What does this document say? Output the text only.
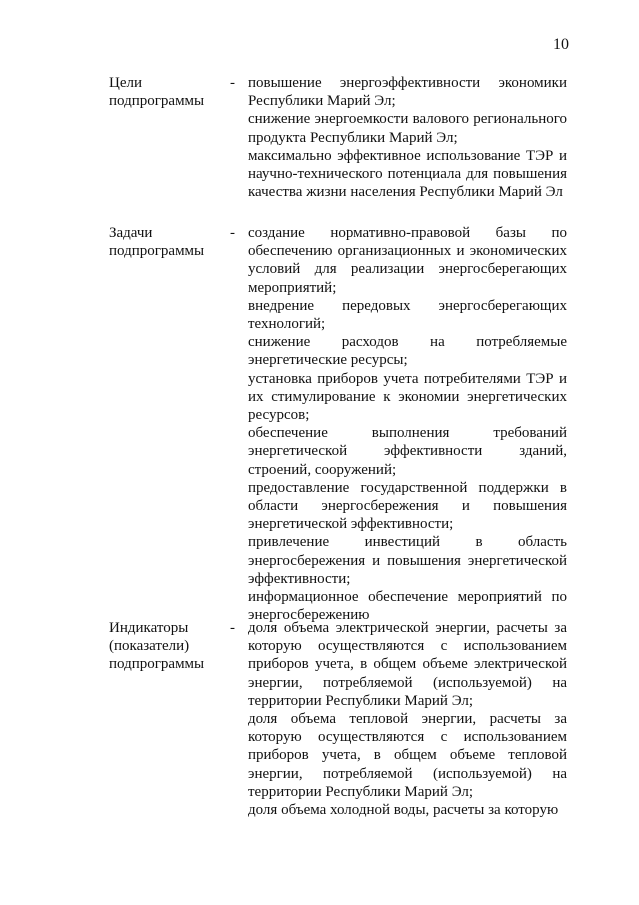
10
Цели подпрограммы
- повышение энергоэффективности экономики Республики Марий Эл;

снижение энергоемкости валового регионального продукта Республики Марий Эл;

максимально эффективное использование ТЭР и научно-технического потенциала для повышения качества жизни населения Республики Марий Эл

Задачи подпрограммы
- создание нормативно-правовой базы по обеспечению организационных и экономических условий для реализации энергосберегающих мероприятий;

внедрение передовых энергосберегающих технологий;

снижение расходов на потребляемые энергетические ресурсы;

установка приборов учета потребителями ТЭР и их стимулирование к экономии энергетических ресурсов;

обеспечение выполнения требований энергетической эффективности зданий, строений, сооружений;

предоставление государственной поддержки в области энергосбережения и повышения энергетической эффективности;

привлечение инвестиций в область энергосбережения и повышения энергетической эффективности;

информационное обеспечение мероприятий по энергосбережению

Индикаторы (показатели) подпрограммы
- доля объема электрической энергии, расчеты за которую осуществляются с использованием приборов учета, в общем объеме электрической энергии, потребляемой (используемой) на территории Республики Марий Эл;

доля объема тепловой энергии, расчеты за которую осуществляются с использованием приборов учета, в общем объеме тепловой энергии, потребляемой (используемой) на территории Республики Марий Эл;

доля объема холодной воды, расчеты за которую
